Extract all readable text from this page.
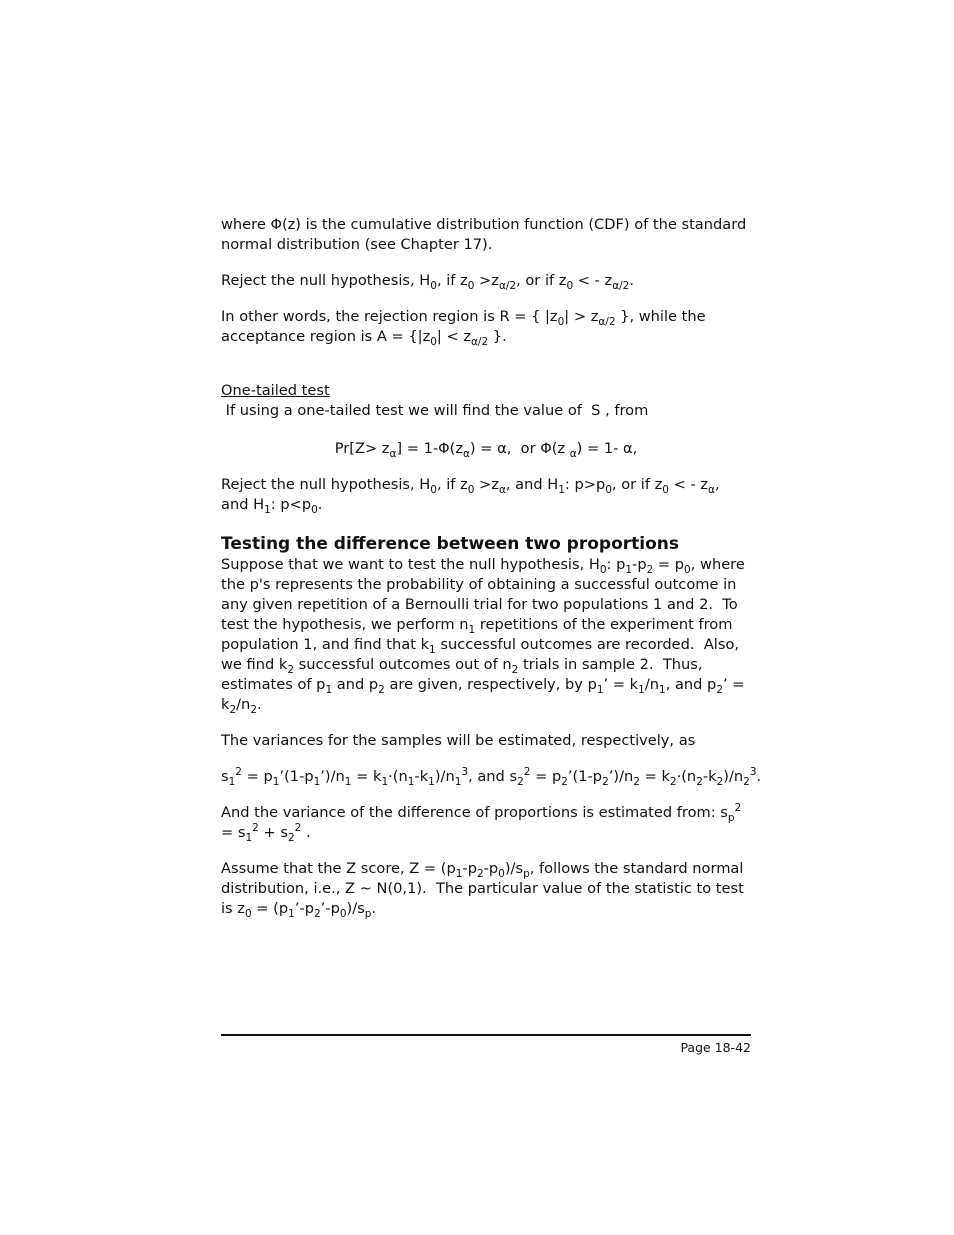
where Φ(z) is the cumulative distribution function (CDF) of the standard normal distribution (see Chapter 17).

Reject the null hypothesis, $H_0$, if $z_0 >z_{\alpha/2}$, or if $z_0$ < - $z_{\alpha/2}$.

In other words, the rejection region is R = { $|z_0| > z_{\alpha/2}$ }, while the acceptance region is $A = \{|z_0| < z_{\alpha/2}$ }.

One-tailed test

If using a one-tailed test we will find the value of  S , from

$Pr[Z> z_\alpha] = 1-\Phi(z_\alpha) = \alpha$,  or Φ(z $_\alpha$) = 1- α,

Reject the null hypothesis, $H_0$, if $z_0 >z_\alpha$, and $H_1$: $p>p_0$, or if $z_0$ < - $z_\alpha$, and $H_1$: $p<p_0$.

Testing the difference between two proportions

Suppose that we want to test the null hypothesis, $H_0$: $p_1-p_2 = p_0$, where the p's represents the probability of obtaining a successful outcome in any given repetition of a Bernoulli trial for two populations 1 and 2.  To test the hypothesis, we perform $n_1$ repetitions of the experiment from population 1, and find that $k_1$ successful outcomes are recorded.  Also, we find $k_2$ successful outcomes out of $n_2$ trials in sample 2.  Thus, estimates of $p_1$ and $p_2$ are given, respectively, by $p_1$’ = $k_1/n_1$, and $p_2$’ = $k_2/n_2$.

The variances for the samples will be estimated, respectively, as

$s_1^2$ = $p_1’(1-p_1’)/n_1 = k_1\cdot(n_1-k_1)/n_1^3$, and $s_2^2$ = $p_2’(1-p_2’)/n_2 = k_2\cdot(n_2-k_2)/n_2^3$.

And the variance of the difference of proportions is estimated from: $s_p^2 = s_1^2 + s_2^2$ .

Assume that the Z score, $Z = (p_1-p_2-p_0)/s_p$, follows the standard normal distribution, i.e., Z ~ N(0,1).  The particular value of the statistic to test is $z_0$ = $(p_1’-p_2’-p_0)/s_p$.

Page 18-42
